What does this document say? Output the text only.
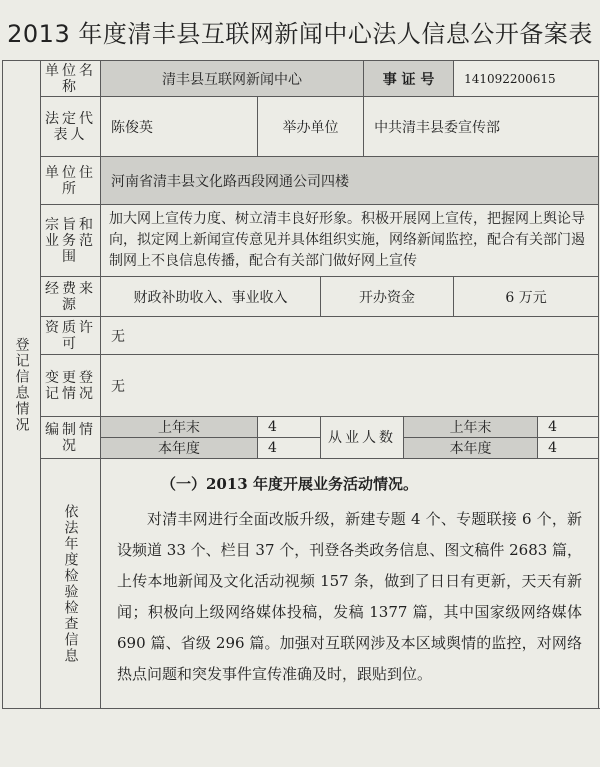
2013 年度清丰县互联网新闻中心法人信息公开备案表
登记信息情况	单位名称	清丰县互联网新闻中心			事 证 号		141092200615	
	法定代表人	陈俊英	举办单位		中共清丰县委宣传部			
	单位住所	河南省清丰县文化路西段网通公司四楼						
	宗旨和业务范围	加大网上宣传力度、树立清丰良好形象。积极开展网上宣传，把握网上舆论导向，拟定网上新闻宣传意见并具体组织实施，网络新闻监控，配合有关部门遏制网上不良信息传播，配合有关部门做好网上宣传						
	经费来源	财政补助收入、事业收入		开办资金			6 万元	
	资质许可	无						
	变更登记情况	无						
	编制情况	上年末	4	从业人数		上年末		4
		本年度	4			本年度		4
	依法年度检验检查信息	（一）2013 年度开展业务活动情况。

对清丰网进行全面改版升级，新建专题 4 个、专题联接 6 个，新设频道 33 个、栏目 37 个，刊登各类政务信息、图文稿件 2683 篇，上传本地新闻及文化活动视频 157 条，做到了日日有更新，天天有新闻；积极向上级网络媒体投稿，发稿 1377 篇，其中国家级网络媒体 690 篇、省级 296 篇。加强对互联网涉及本区域舆情的监控，对网络热点问题和突发事件宣传准确及时，跟贴到位。						
